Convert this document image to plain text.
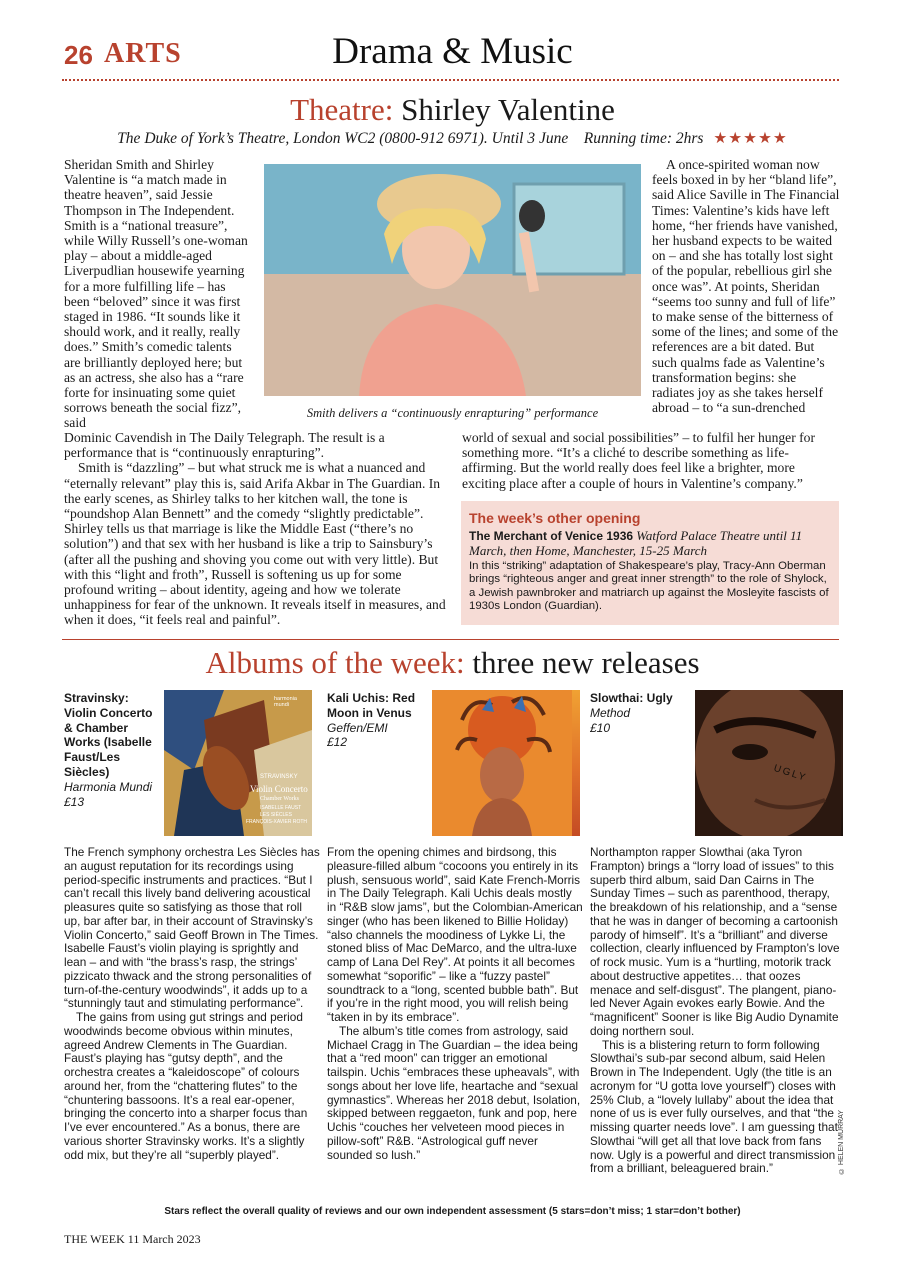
26 ARTS	Drama & Music
Theatre: Shirley Valentine
The Duke of York’s Theatre, London WC2 (0800-912 6971). Until 3 June Running time: 2hrs ★★★★★

Sheridan Smith and Shirley Valentine is “a match made in theatre heaven”, said Jessie Thompson in The Independent. Smith is a “national treasure”, while Willy Russell’s one-woman play – about a middle-aged Liverpudlian housewife yearning for a more fulfilling life – has been “beloved” since it was first staged in 1986. “It sounds like it should work, and it really, really does.” Smith’s comedic talents are brilliantly deployed here; but as an actress, she also has a “rare forte for insinuating some quiet sorrows beneath the social fizz”, said

Smith delivers a “continuously enrapturing” performance

A once-spirited woman now feels boxed in by her “bland life”, said Alice Saville in The Financial Times: Valentine’s kids have left home, “her friends have vanished, her husband expects to be waited on – and she has totally lost sight of the popular, rebellious girl she once was”. At points, Sheridan “seems too sunny and full of life” to make sense of the bitterness of some of the lines; and some of the references are a bit dated. But such qualms fade as Valentine’s transformation begins: she radiates joy as she takes herself abroad – to “a sun-drenched

Dominic Cavendish in The Daily Telegraph. The result is a performance that is “continuously enrapturing”.

Smith is “dazzling” – but what struck me is what a nuanced and “eternally relevant” play this is, said Arifa Akbar in The Guardian. In the early scenes, as Shirley talks to her kitchen wall, the tone is “poundshop Alan Bennett” and the comedy “slightly predictable”. Shirley tells us that marriage is like the Middle East (“there’s no solution”) and that sex with her husband is like a trip to Sainsbury’s (after all the pushing and shoving you come out with very little). But with this “light and froth”, Russell is softening us up for some profound writing – about identity, ageing and how we tolerate unhappiness for fear of the unknown. It reveals itself in measures, and when it does, “it feels real and painful”.

world of sexual and social possibilities” – to fulfil her hunger for something more. “It’s a cliché to describe something as life-affirming. But the world really does feel like a brighter, more exciting place after a couple of hours in Valentine’s company.”

The week’s other opening
The Merchant of Venice 1936 Watford Palace Theatre until 11 March, then Home, Manchester, 15-25 March
In this “striking” adaptation of Shakespeare’s play, Tracy-Ann Oberman brings “righteous anger and great inner strength” to the role of Shylock, a Jewish pawnbroker and matriarch up against the Mosleyite fascists of 1930s London (Guardian).
Albums of the week: three new releases
Stravinsky: Violin Concerto & Chamber Works (Isabelle Faust/Les Siècles)
Harmonia Mundi
£13
harmonia mundi
STRAVINSKY
Violin Concerto
Chamber Works
ISABELLE FAUST
LES SIÈCLES
FRANÇOIS-XAVIER ROTH

The French symphony orchestra Les Siècles has an august reputation for its recordings using period-specific instruments and practices. “But I can’t recall this lively band delivering acoustical pleasures quite so satisfying as those that roll up, bar after bar, in their account of Stravinsky’s Violin Concerto,” said Geoff Brown in The Times. Isabelle Faust’s violin playing is sprightly and lean – and with “the brass’s rasp, the strings’ pizzicato thwack and the strong personalities of turn-of-the-century woodwinds”, it adds up to a “stunningly taut and stimulating performance”.

The gains from using gut strings and period woodwinds become obvious within minutes, agreed Andrew Clements in The Guardian. Faust’s playing has “gutsy depth”, and the orchestra creates a “kaleidoscope” of colours around her, from the “chattering flutes” to the “chuntering bassoons. It’s a real ear-opener, bringing the concerto into a sharper focus than I’ve ever encountered.” As a bonus, there are various shorter Stravinsky works. It’s a slightly odd mix, but they’re all “superbly played”.

Kali Uchis: Red Moon in Venus
Geffen/EMI
£12

From the opening chimes and birdsong, this pleasure-filled album “cocoons you entirely in its plush, sensuous world”, said Kate French-Morris in The Daily Telegraph. Kali Uchis deals mostly in “R&B slow jams”, but the Colombian-American singer (who has been likened to Billie Holiday) “also channels the moodiness of Lykke Li, the stoned bliss of Mac DeMarco, and the ultra-luxe camp of Lana Del Rey”. At points it all becomes somewhat “soporific” – like a “fuzzy pastel” soundtrack to a “long, scented bubble bath”. But if you’re in the right mood, you will relish being “taken in by its embrace”.

The album’s title comes from astrology, said Michael Cragg in The Guardian – the idea being that a “red moon” can trigger an emotional tailspin. Uchis “embraces these upheavals”, with songs about her love life, heartache and “sexual gymnastics”. Whereas her 2018 debut, Isolation, skipped between reggaeton, funk and pop, here Uchis “couches her velveteen mood pieces in pillow-soft” R&B. “Astrological guff never sounded so lush.”

Slowthai: Ugly
Method
£10
UGLY

Northampton rapper Slowthai (aka Tyron Frampton) brings a “lorry load of issues” to this superb third album, said Dan Cairns in The Sunday Times – such as parenthood, therapy, the breakdown of his relationship, and a “sense that he was in danger of becoming a cartoonish parody of himself”. It’s a “brilliant” and diverse collection, clearly influenced by Frampton’s love of rock music. Yum is a “hurtling, motorik track about destructive appetites… that oozes menace and self-disgust”. The plangent, piano-led Never Again evokes early Bowie. And the “magnificent” Sooner is like Big Audio Dynamite doing northern soul.

This is a blistering return to form following Slowthai’s sub-par second album, said Helen Brown in The Independent. Ugly (the title is an acronym for “U gotta love yourself”) closes with 25% Club, a “lovely lullaby” about the idea that none of us is ever fully ourselves, and that “the missing quarter needs love”. I am guessing that Slowthai “will get all that love back from fans now. Ugly is a powerful and direct transmission from a brilliant, beleaguered brain.”	© HELEN MURRAY
Stars reflect the overall quality of reviews and our own independent assessment (5 stars=don’t miss; 1 star=don’t bother)
THE WEEK 11 March 2023
